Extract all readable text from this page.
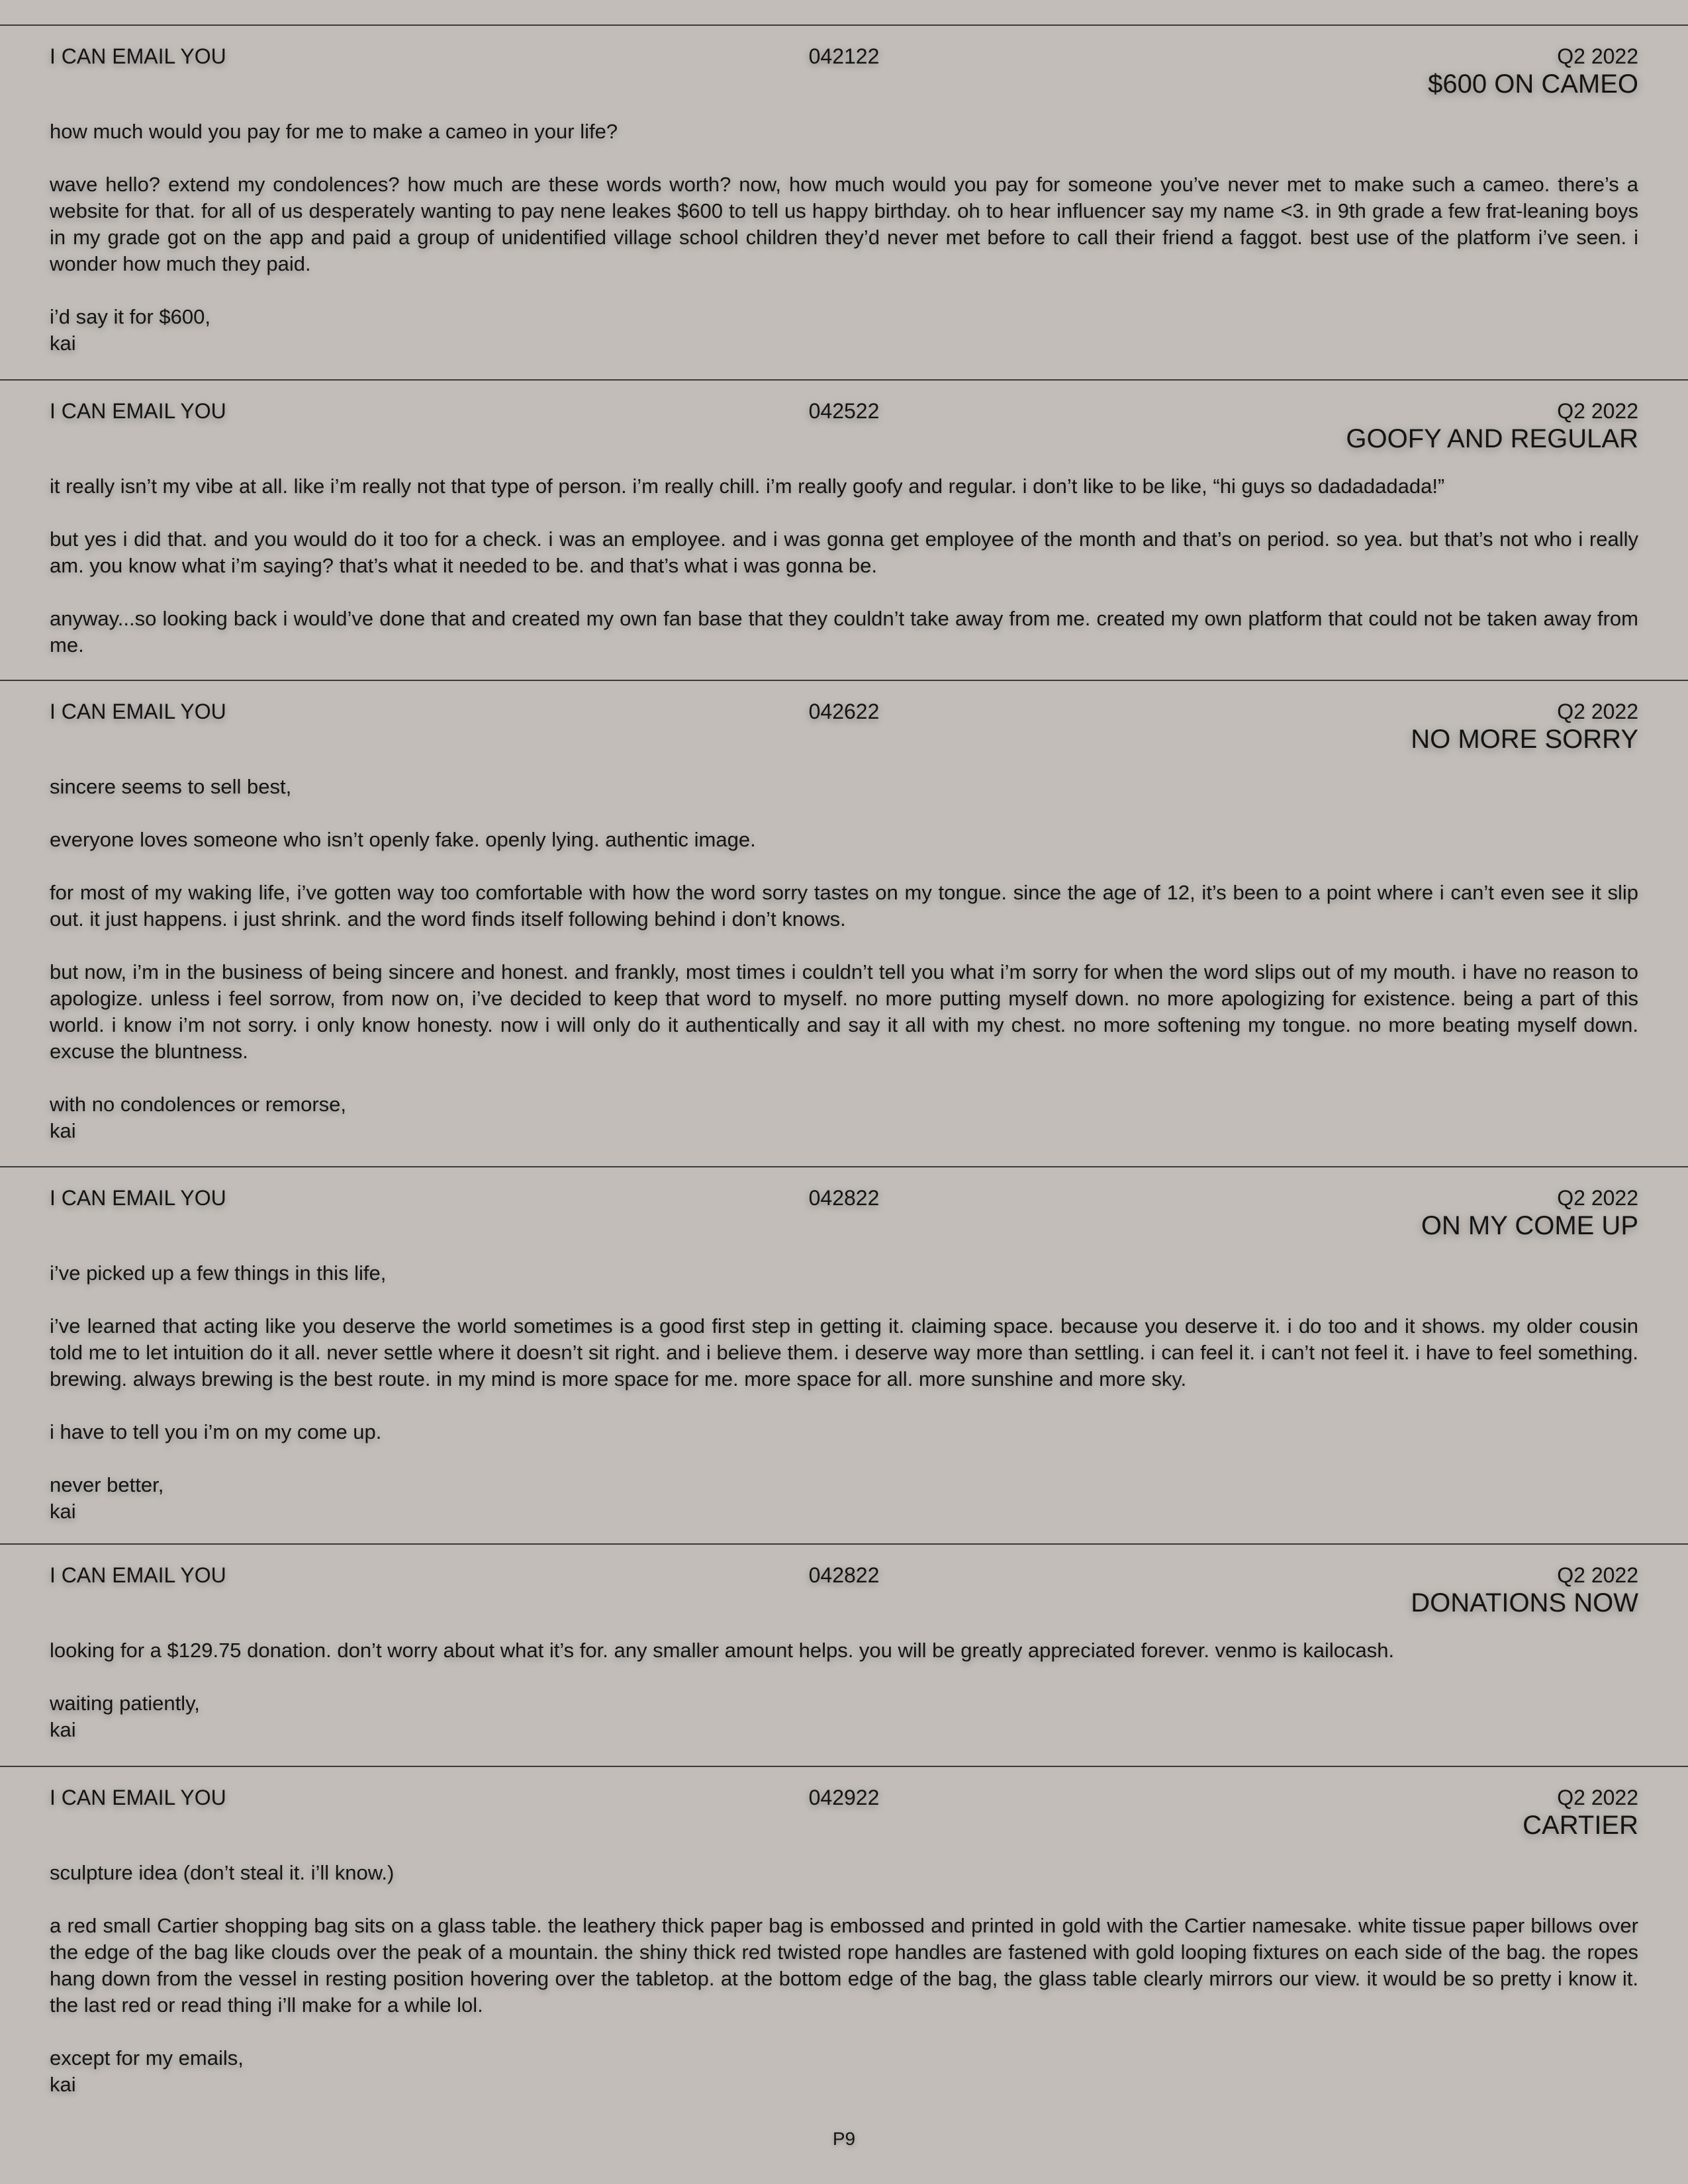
I CAN EMAIL YOU	042122	Q2 2022
$600 ON CAMEO

how much would you pay for me to make a cameo in your life?

wave hello? extend my condolences? how much are these words worth? now, how much would you pay for someone you’ve never met to make such a cameo. there’s a website for that. for all of us desperately wanting to pay nene leakes $600 to tell us happy birthday. oh to hear influencer say my name <3. in 9th grade a few frat-leaning boys in my grade got on the app and paid a group of unidentified village school children they’d never met before to call their friend a faggot. best use of the platform i’ve seen. i wonder how much they paid.

i’d say it for $600,

kai

I CAN EMAIL YOU	042522	Q2 2022
GOOFY AND REGULAR

it really isn’t my vibe at all. like i’m really not that type of person. i’m really chill. i’m really goofy and regular. i don’t like to be like, “hi guys so dadadadada!”

but yes i did that. and you would do it too for a check. i was an employee. and i was gonna get employee of the month and that’s on period. so yea. but that’s not who i really am. you know what i’m saying? that’s what it needed to be. and that’s what i was gonna be.

anyway...so looking back i would’ve done that and created my own fan base that they couldn’t take away from me. created my own platform that could not be taken away from me.

I CAN EMAIL YOU	042622	Q2 2022
NO MORE SORRY

sincere seems to sell best,

everyone loves someone who isn’t openly fake. openly lying. authentic image.

for most of my waking life, i’ve gotten way too comfortable with how the word sorry tastes on my tongue. since the age of 12, it’s been to a point where i can’t even see it slip out. it just happens. i just shrink. and the word finds itself following behind i don’t knows.

but now, i’m in the business of being sincere and honest. and frankly, most times i couldn’t tell you what i’m sorry for when the word slips out of my mouth. i have no reason to apologize. unless i feel sorrow, from now on, i’ve decided to keep that word to myself. no more putting myself down. no more apologizing for existence. being a part of this world. i know i’m not sorry. i only know honesty. now i will only do it authentically and say it all with my chest. no more softening my tongue. no more beating myself down. excuse the bluntness.

with no condolences or remorse,

kai

I CAN EMAIL YOU	042822	Q2 2022
ON MY COME UP

i’ve picked up a few things in this life,

i’ve learned that acting like you deserve the world sometimes is a good first step in getting it. claiming space. because you deserve it. i do too and it shows. my older cousin told me to let intuition do it all. never settle where it doesn’t sit right. and i believe them. i deserve way more than settling. i can feel it. i can’t not feel it. i have to feel something. brewing. always brewing is the best route. in my mind is more space for me. more space for all. more sunshine and more sky.

i have to tell you i’m on my come up.

never better,

kai

I CAN EMAIL YOU	042822	Q2 2022
DONATIONS NOW

looking for a $129.75 donation. don’t worry about what it’s for. any smaller amount helps. you will be greatly appreciated forever. venmo is kailocash.

waiting patiently,

kai

I CAN EMAIL YOU	042922	Q2 2022
CARTIER

sculpture idea (don’t steal it. i’ll know.)

a red small Cartier shopping bag sits on a glass table. the leathery thick paper bag is embossed and printed in gold with the Cartier namesake. white tissue paper billows over the edge of the bag like clouds over the peak of a mountain. the shiny thick red twisted rope handles are fastened with gold looping fixtures on each side of the bag. the ropes hang down from the vessel in resting position hovering over the tabletop. at the bottom edge of the bag, the glass table clearly mirrors our view. it would be so pretty i know it. the last red or read thing i’ll make for a while lol.

except for my emails,

kai

P9
